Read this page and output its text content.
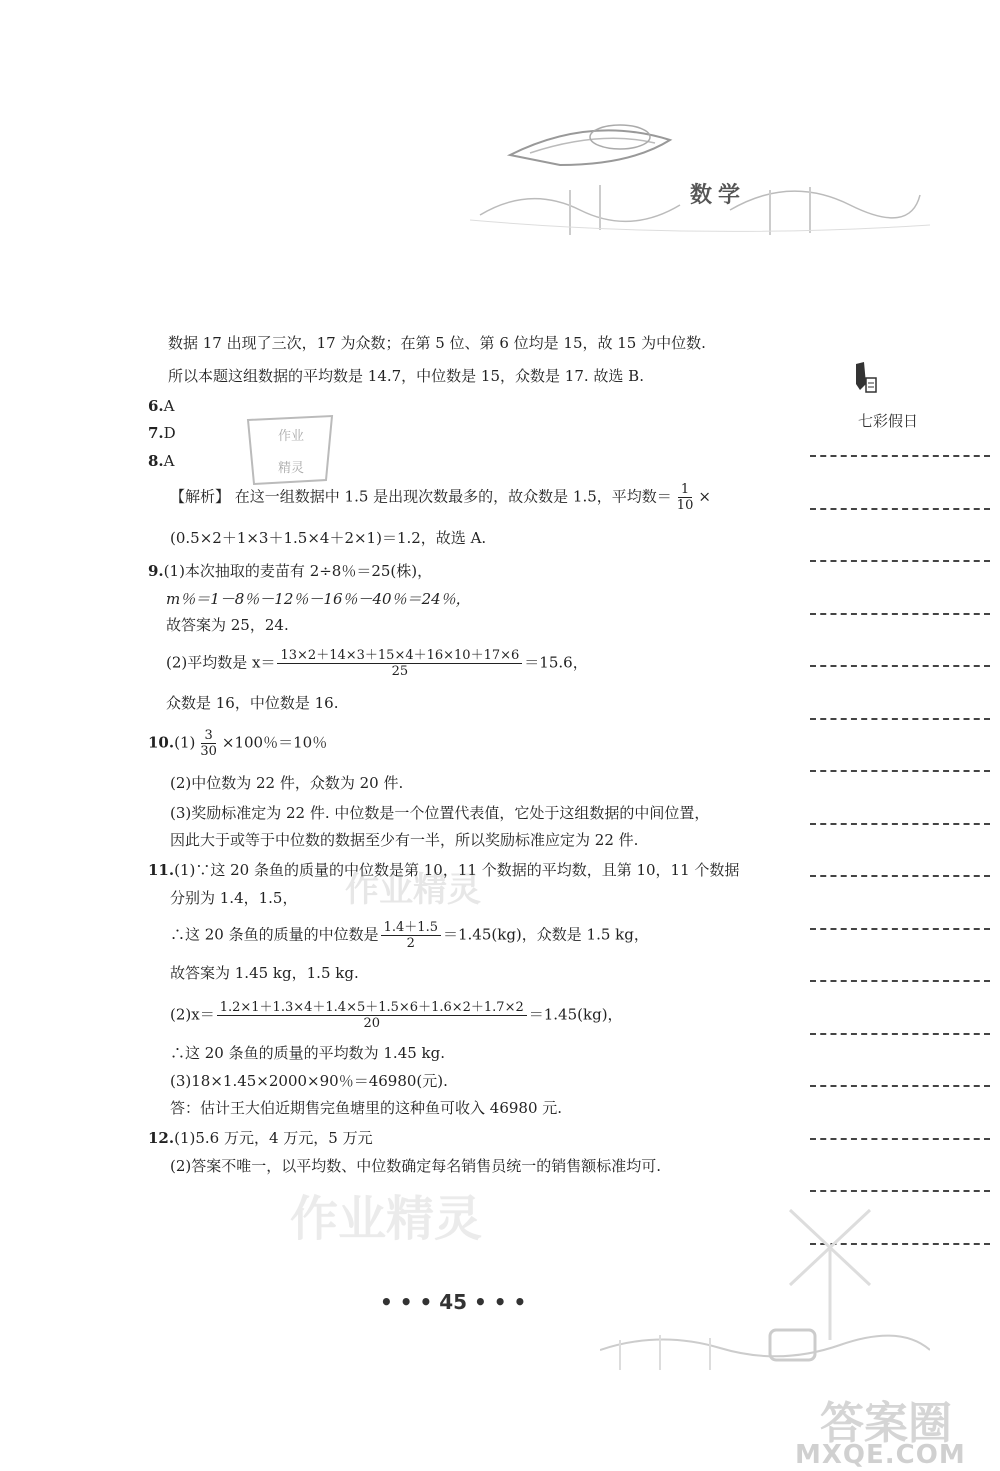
数学
作业
精灵
数据 17 出现了三次，17 为众数；在第 5 位、第 6 位均是 15，故 15 为中位数.
所以本题这组数据的平均数是 14.7，中位数是 15，众数是 17. 故选 B.
6.A
7.D
8.A
【解析】 在这一组数据中 1.5 是出现次数最多的，故众数是 1.5，平均数＝ $\frac{1}{10}$ ×
(0.5×2＋1×3＋1.5×4＋2×1)＝1.2，故选 A.
9.(1)本次抽取的麦苗有 2÷8％＝25(株)，
m％＝1－8％－12％－16％－40％＝24％，
故答案为 25，24.
(2)平均数是 $x= \frac{13\times 2+14\times 3+15\times 4+16\times 10+17\times 6}{25} =15.6$，
众数是 16，中位数是 16.
$10.(1) \frac{3}{30} \times 100$％＝10％
(2)中位数为 22 件，众数为 20 件.
(3)奖励标准定为 22 件. 中位数是一个位置代表值，它处于这组数据的中间位置，
因此大于或等于中位数的数据至少有一半，所以奖励标准应定为 22 件.
11.(1)∵这 20 条鱼的质量的中位数是第 10，11 个数据的平均数，且第 10，11 个数据
分别为 1.4，1.5，
∴这 20 条鱼的质量的中位数是 $\frac{1.4+1.5}{2} =1.45(kg)$，众数是 1.5 kg，
故答案为 1.45 kg，1.5 kg.
$(2)x= \frac{1.2\times 1+1.3\times 4+1.4\times 5+1.5\times 6+1.6\times 2+1.7\times 2}{20} =1.45(kg)$，
∴这 20 条鱼的质量的平均数为 1.45 kg.
(3)18×1.45×2000×90％＝46980(元).
答：估计王大伯近期售完鱼塘里的这种鱼可收入 46980 元.
12.(1)5.6 万元，4 万元，5 万元
(2)答案不唯一，以平均数、中位数确定每名销售员统一的销售额标准均可.
作业精灵
作业精灵
七彩假日
• • • 45 • • •
答案圈
MXQE.COM
